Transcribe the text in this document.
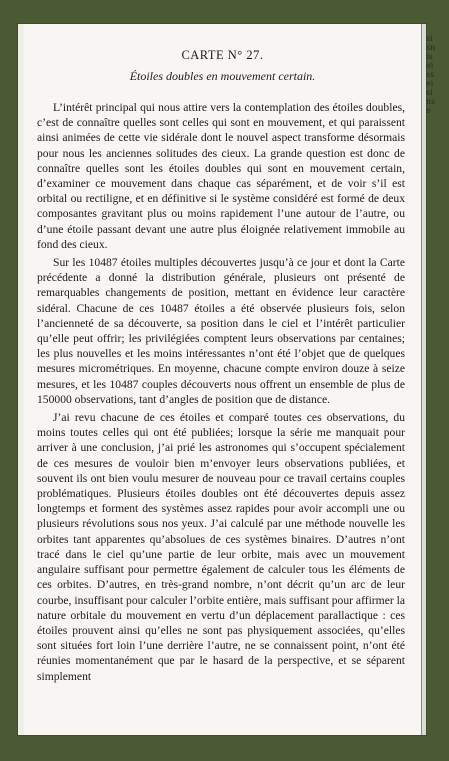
CARTE N° 27.
Étoiles doubles en mouvement certain.

L’intérêt principal qui nous attire vers la contemplation des étoiles doubles, c’est de connaître quelles sont celles qui sont en mouvement, et qui paraissent ainsi animées de cette vie sidérale dont le nouvel aspect transforme désormais pour nous les anciennes solitudes des cieux. La grande question est donc de connaître quelles sont les étoiles doubles qui sont en mouvement certain, d’examiner ce mouvement dans chaque cas séparément, et de voir s’il est orbital ou rectiligne, et en définitive si le système considéré est formé de deux composantes gravitant plus ou moins rapidement l’une autour de l’autre, ou d’une étoile passant devant une autre plus éloignée relativement immobile au fond des cieux.

Sur les 10487 étoiles multiples découvertes jusqu’à ce jour et dont la Carte précédente a donné la distribution générale, plusieurs ont présenté de remarquables changements de position, mettant en évidence leur caractère sidéral. Chacune de ces 10487 étoiles a été observée plusieurs fois, selon l’ancienneté de sa découverte, sa position dans le ciel et l’intérêt particulier qu’elle peut offrir; les privilégiées comptent leurs observations par centaines; les plus nouvelles et les moins intéressantes n’ont été l’objet que de quelques mesures micrométriques. En moyenne, chacune compte environ douze à seize mesures, et les 10487 couples découverts nous offrent un ensemble de plus de 150000 observations, tant d’angles de position que de distance.

J’ai revu chacune de ces étoiles et comparé toutes ces observations, du moins toutes celles qui ont été publiées; lorsque la série me manquait pour arriver à une conclusion, j’ai prié les astronomes qui s’occupent spécialement de ces mesures de vouloir bien m’envoyer leurs observations publiées, et souvent ils ont bien voulu mesurer de nouveau pour ce travail certains couples problématiques. Plusieurs étoiles doubles ont été découvertes depuis assez longtemps et forment des systèmes assez rapides pour avoir accompli une ou plusieurs révolutions sous nos yeux. J’ai calculé par une méthode nouvelle les orbites tant apparentes qu’absolues de ces systèmes binaires. D’autres n’ont tracé dans le ciel qu’une partie de leur orbite, mais avec un mouvement angulaire suffisant pour permettre également de calculer tous les éléments de ces orbites. D’autres, en très-grand nombre, n’ont décrit qu’un arc de leur courbe, insuffisant pour calculer l’orbite entière, mais suffisant pour affirmer la nature orbitale du mouvement en vertu d’un déplacement parallactique : ces étoiles prouvent ainsi qu’elles ne sont pas physiquement associées, qu’elles sont situées fort loin l’une derrière l’autre, ne se connaissent point, n’ont été réunies momentanément que par le hasard de la perspective, et se séparent simplement

sisniseisseisinse
